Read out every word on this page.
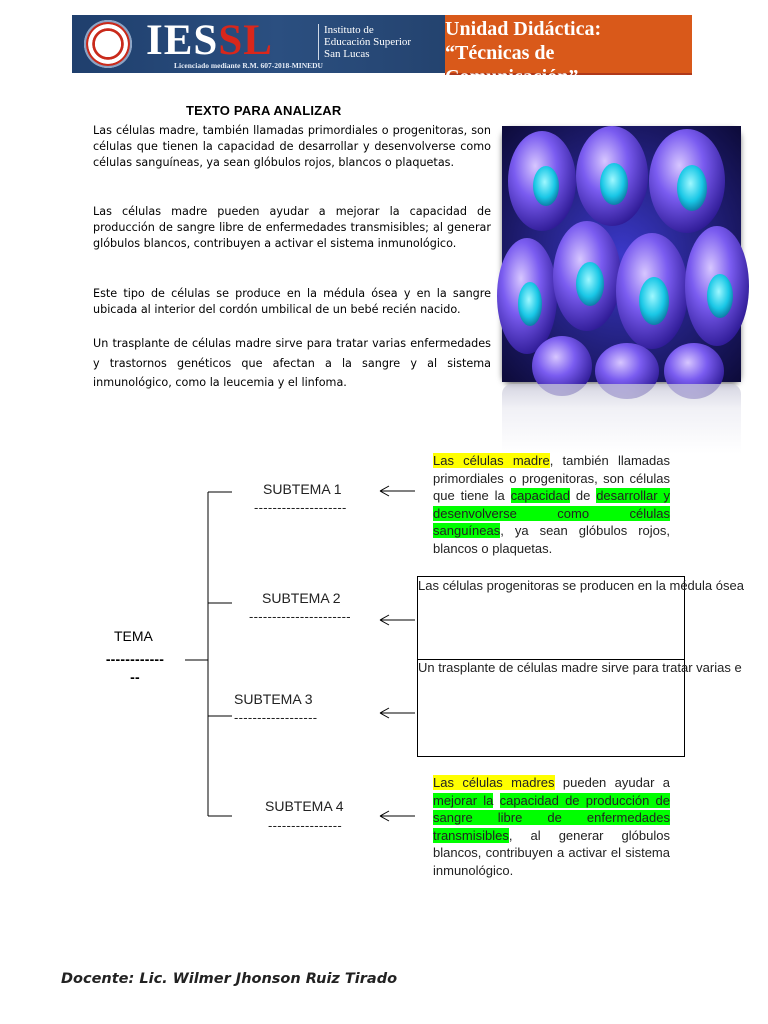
IESSL	Instituto de
Educación Superior
San Lucas
Licenciado mediante R.M. 607-2018-MINEDU
Unidad Didáctica:
“Técnicas de
Comunicación”
TEXTO PARA ANALIZAR

Las células madre, también llamadas primordiales o progenitoras, son células que tienen la capacidad de desarrollar y desenvolverse como células sanguíneas, ya sean glóbulos rojos, blancos o plaquetas.

Las células madre pueden ayudar a mejorar la capacidad de producción de sangre libre de enfermedades transmisibles; al generar glóbulos blancos, contribuyen a activar el sistema inmunológico.

Este tipo de células se produce en la médula ósea y en la sangre ubicada al interior del cordón umbilical de un bebé recién nacido.

Un trasplante de células madre sirve para tratar varias enfermedades y trastornos genéticos que afectan a la sangre y al sistema inmunológico, como la leucemia y el linfoma.

TEMA
------------
--
SUBTEMA 1
--------------------
SUBTEMA 2
----------------------
SUBTEMA 3
------------------
SUBTEMA 4
----------------

Las células madre, también llamadas primordiales o progenitoras, son células que tiene la capacidad de desarrollar y desenvolverse como células sanguíneas, ya sean glóbulos rojos, blancos o plaquetas.

Las células progenitoras se producen en la médula ósea
Un trasplante de células madre sirve para tratar varias e

Las células madres pueden ayudar a mejorar la capacidad de producción de sangre libre de enfermedades transmisibles, al generar glóbulos blancos, contribuyen a activar el sistema inmunológico.

Docente: Lic. Wilmer Jhonson Ruiz Tirado
